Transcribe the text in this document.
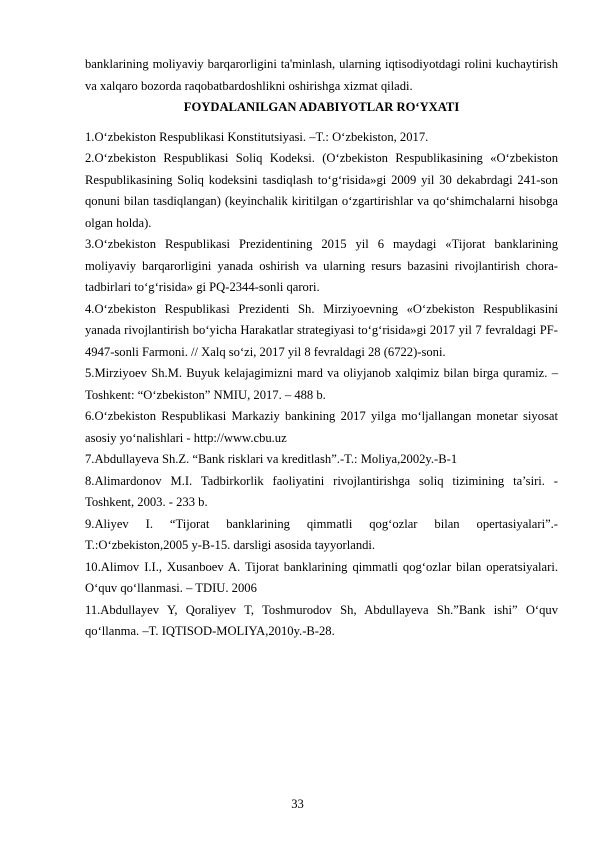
banklarining moliyaviy barqarorligini ta'minlash, ularning iqtisodiyotdagi rolini kuchaytirish va xalqaro bozorda raqobatbardoshlikni oshirishga xizmat qiladi.

FOYDALANILGAN ADABIYOTLAR RO‘YXATI

1.O‘zbekiston Respublikasi Konstitutsiyasi. –T.: O‘zbekiston, 2017.

2.O‘zbekiston Respublikasi Soliq Kodeksi. (O‘zbekiston Respublikasining «O‘zbekiston Respublikasining Soliq kodeksini tasdiqlash to‘g‘risida»gi 2009 yil 30 dekabrdagi 241-son qonuni bilan tasdiqlangan) (keyinchalik kiritilgan o‘zgartirishlar va qo‘shimchalarni hisobga olgan holda).

3.O‘zbekiston Respublikasi Prezidentining 2015 yil 6 maydagi «Tijorat banklarining moliyaviy barqarorligini yanada oshirish va ularning resurs bazasini rivojlantirish chora-tadbirlari to‘g‘risida» gi PQ-2344-sonli qarori.

4.O‘zbekiston Respublikasi Prezidenti Sh. Mirziyoevning «O‘zbekiston Respublikasini yanada rivojlantirish bo‘yicha Harakatlar strategiyasi to‘g‘risida»gi 2017 yil 7 fevraldagi PF-4947-sonli Farmoni. // Xalq so‘zi, 2017 yil 8 fevraldagi 28 (6722)-soni.

5.Mirziyoev Sh.M. Buyuk kelajagimizni mard va oliyjanob xalqimiz bilan birga quramiz. – Toshkent: “O‘zbekiston” NMIU, 2017. – 488 b.

6.O‘zbekiston Respublikasi Markaziy bankining 2017 yilga mo‘ljallangan monetar siyosat asosiy yo‘nalishlari - http://www.cbu.uz

7.Abdullayeva Sh.Z. “Bank risklari va kreditlash”.-T.: Moliya,2002y.-B-1

8.Alimardonov M.I. Tadbirkorlik faoliyatini rivojlantirishga soliq tizimining ta’siri. - Toshkent, 2003. - 233 b.

9.Aliyev I. “Tijorat banklarining qimmatli qog‘ozlar bilan opertasiyalari”.-T.:O‘zbekiston,2005 y-B-15. darsligi asosida tayyorlandi.

10.Alimov I.I., Xusanboev A. Tijorat banklarining qimmatli qog‘ozlar bilan operatsiyalari. O‘quv qo‘llanmasi. – TDIU. 2006

11.Abdullayev Y, Qoraliyev T, Toshmurodov Sh, Abdullayeva Sh.”Bank ishi” O‘quv qo‘llanma. –T. IQTISOD-MOLIYA,2010y.-B-28.

33
